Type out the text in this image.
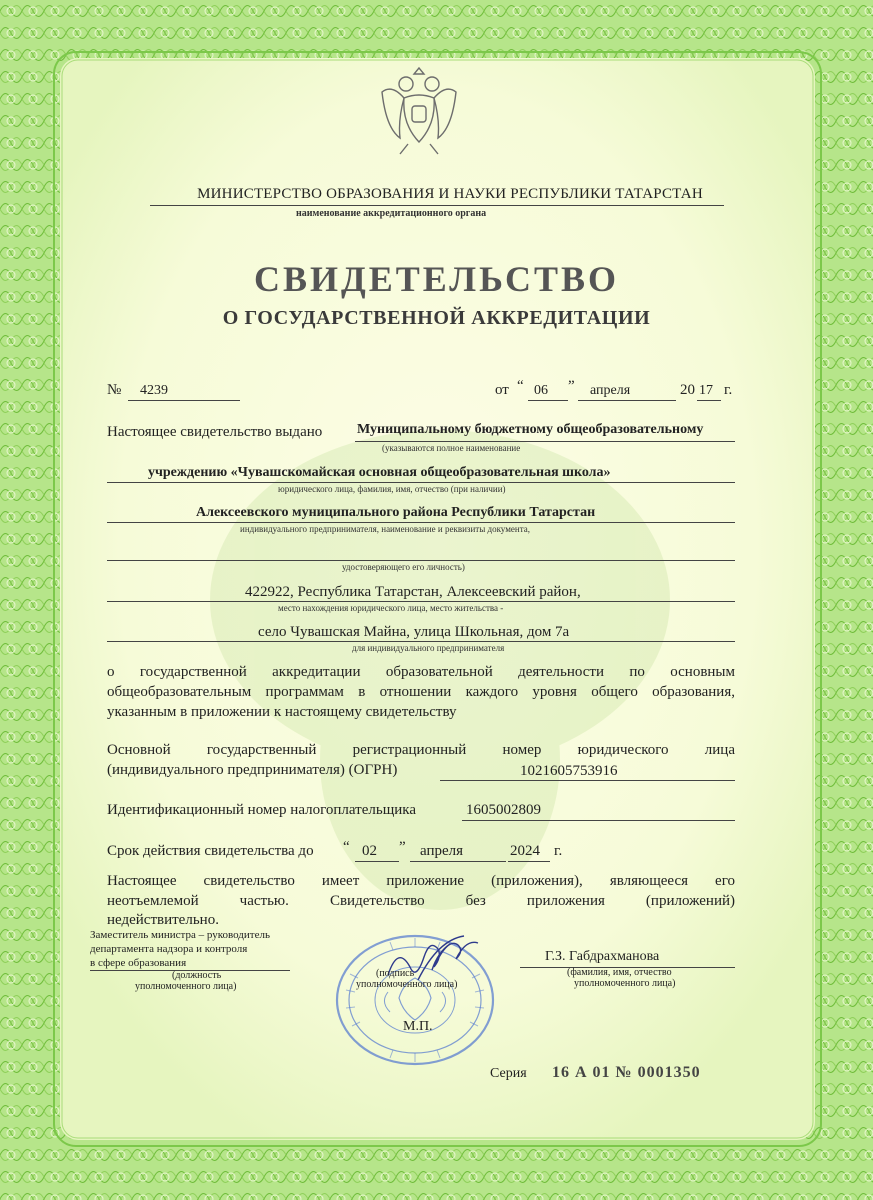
МИНИСТЕРСТВО ОБРАЗОВАНИЯ И НАУКИ РЕСПУБЛИКИ ТАТАРСТАН
наименование аккредитационного органа
СВИДЕТЕЛЬСТВО
О ГОСУДАРСТВЕННОЙ АККРЕДИТАЦИИ
№ 4239	от “ 06 ” апреля	20 17 г.
Настоящее свидетельство выдано Муниципальному бюджетному общеобразовательному
(указываются полное наименование
учреждению «Чувашскомайская основная общеобразовательная школа»
юридического лица, фамилия, имя, отчество (при наличии)
Алексеевского муниципального района Республики Татарстан
индивидуального предпринимателя, наименование и реквизиты документа,
удостоверяющего его личность)
422922, Республика Татарстан, Алексеевский район,
место нахождения юридического лица, место жительства -
село Чувашская Майна, улица Школьная, дом 7а
для индивидуального предпринимателя
о государственной аккредитации образовательной деятельности по основным
общеобразовательным программам в отношении каждого уровня общего образования,
указанным в приложении к настоящему свидетельству
Основной государственный регистрационный номер юридического лица
(индивидуального предпринимателя) (ОГРН)	1021605753916
Идентификационный номер налогоплательщика	1605002809
Срок действия свидетельства до “ 02 ” апреля	2024 г.
Настоящее свидетельство имеет приложение (приложения), являющееся его
неотъемлемой частью. Свидетельство без приложения (приложений)
недействительно.
Заместитель министра – руководитель
департамента надзора и контроля
в сфере образования
(должность
уполномоченного лица)
(подпись
уполномоченного лица)
Г.З. Габдрахманова
(фамилия, имя, отчество
уполномоченного лица)
М.П.
Серия 16 А 01 № 0001350
